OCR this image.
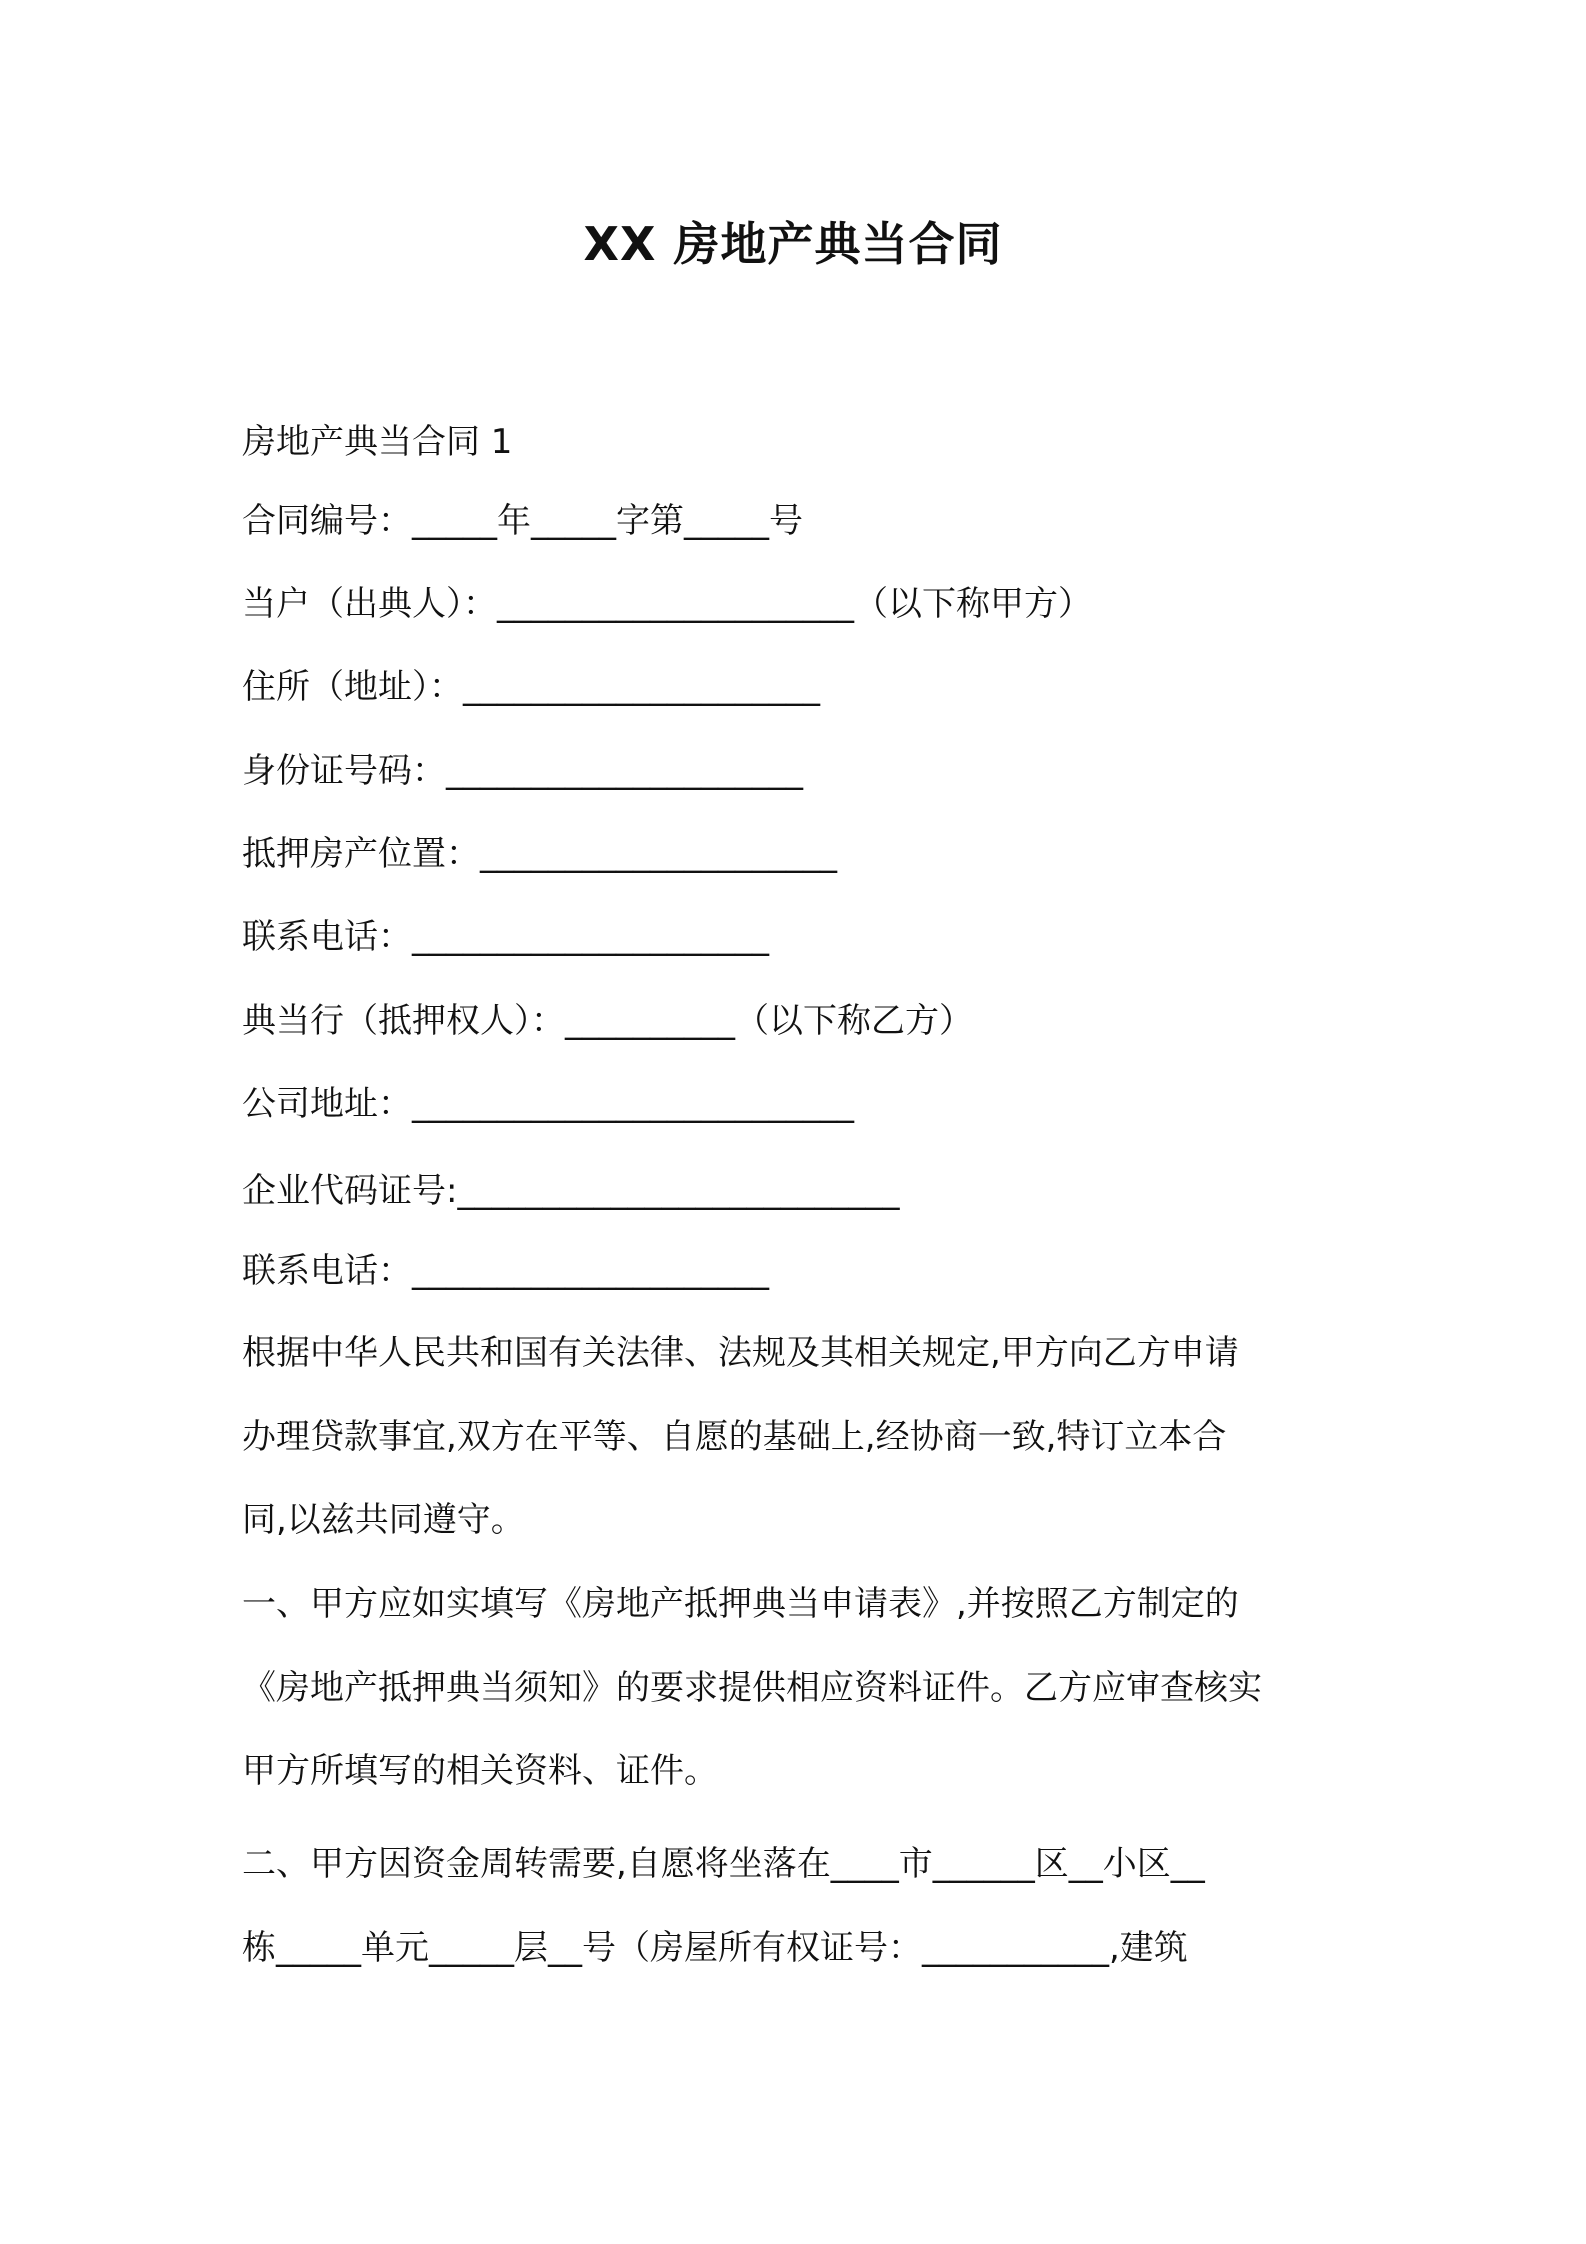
XX 房地产典当合同
房地产典当合同 1
合同编号：_____年_____字第_____号
当户（出典人）：_____________________（以下称甲方）
住所（地址）：_____________________
身份证号码：_____________________
抵押房产位置：_____________________
联系电话：_____________________
典当行（抵押权人）：__________（以下称乙方）
公司地址：__________________________
企业代码证号:__________________________
联系电话：_____________________
根据中华人民共和国有关法律、法规及其相关规定,甲方向乙方申请
办理贷款事宜,双方在平等、自愿的基础上,经协商一致,特订立本合
同,以兹共同遵守。
一、甲方应如实填写《房地产抵押典当申请表》,并按照乙方制定的
《房地产抵押典当须知》的要求提供相应资料证件。乙方应审查核实
甲方所填写的相关资料、证件。
二、甲方因资金周转需要,自愿将坐落在____市______区__小区__
栋_____单元_____层__号（房屋所有权证号：___________,建筑
